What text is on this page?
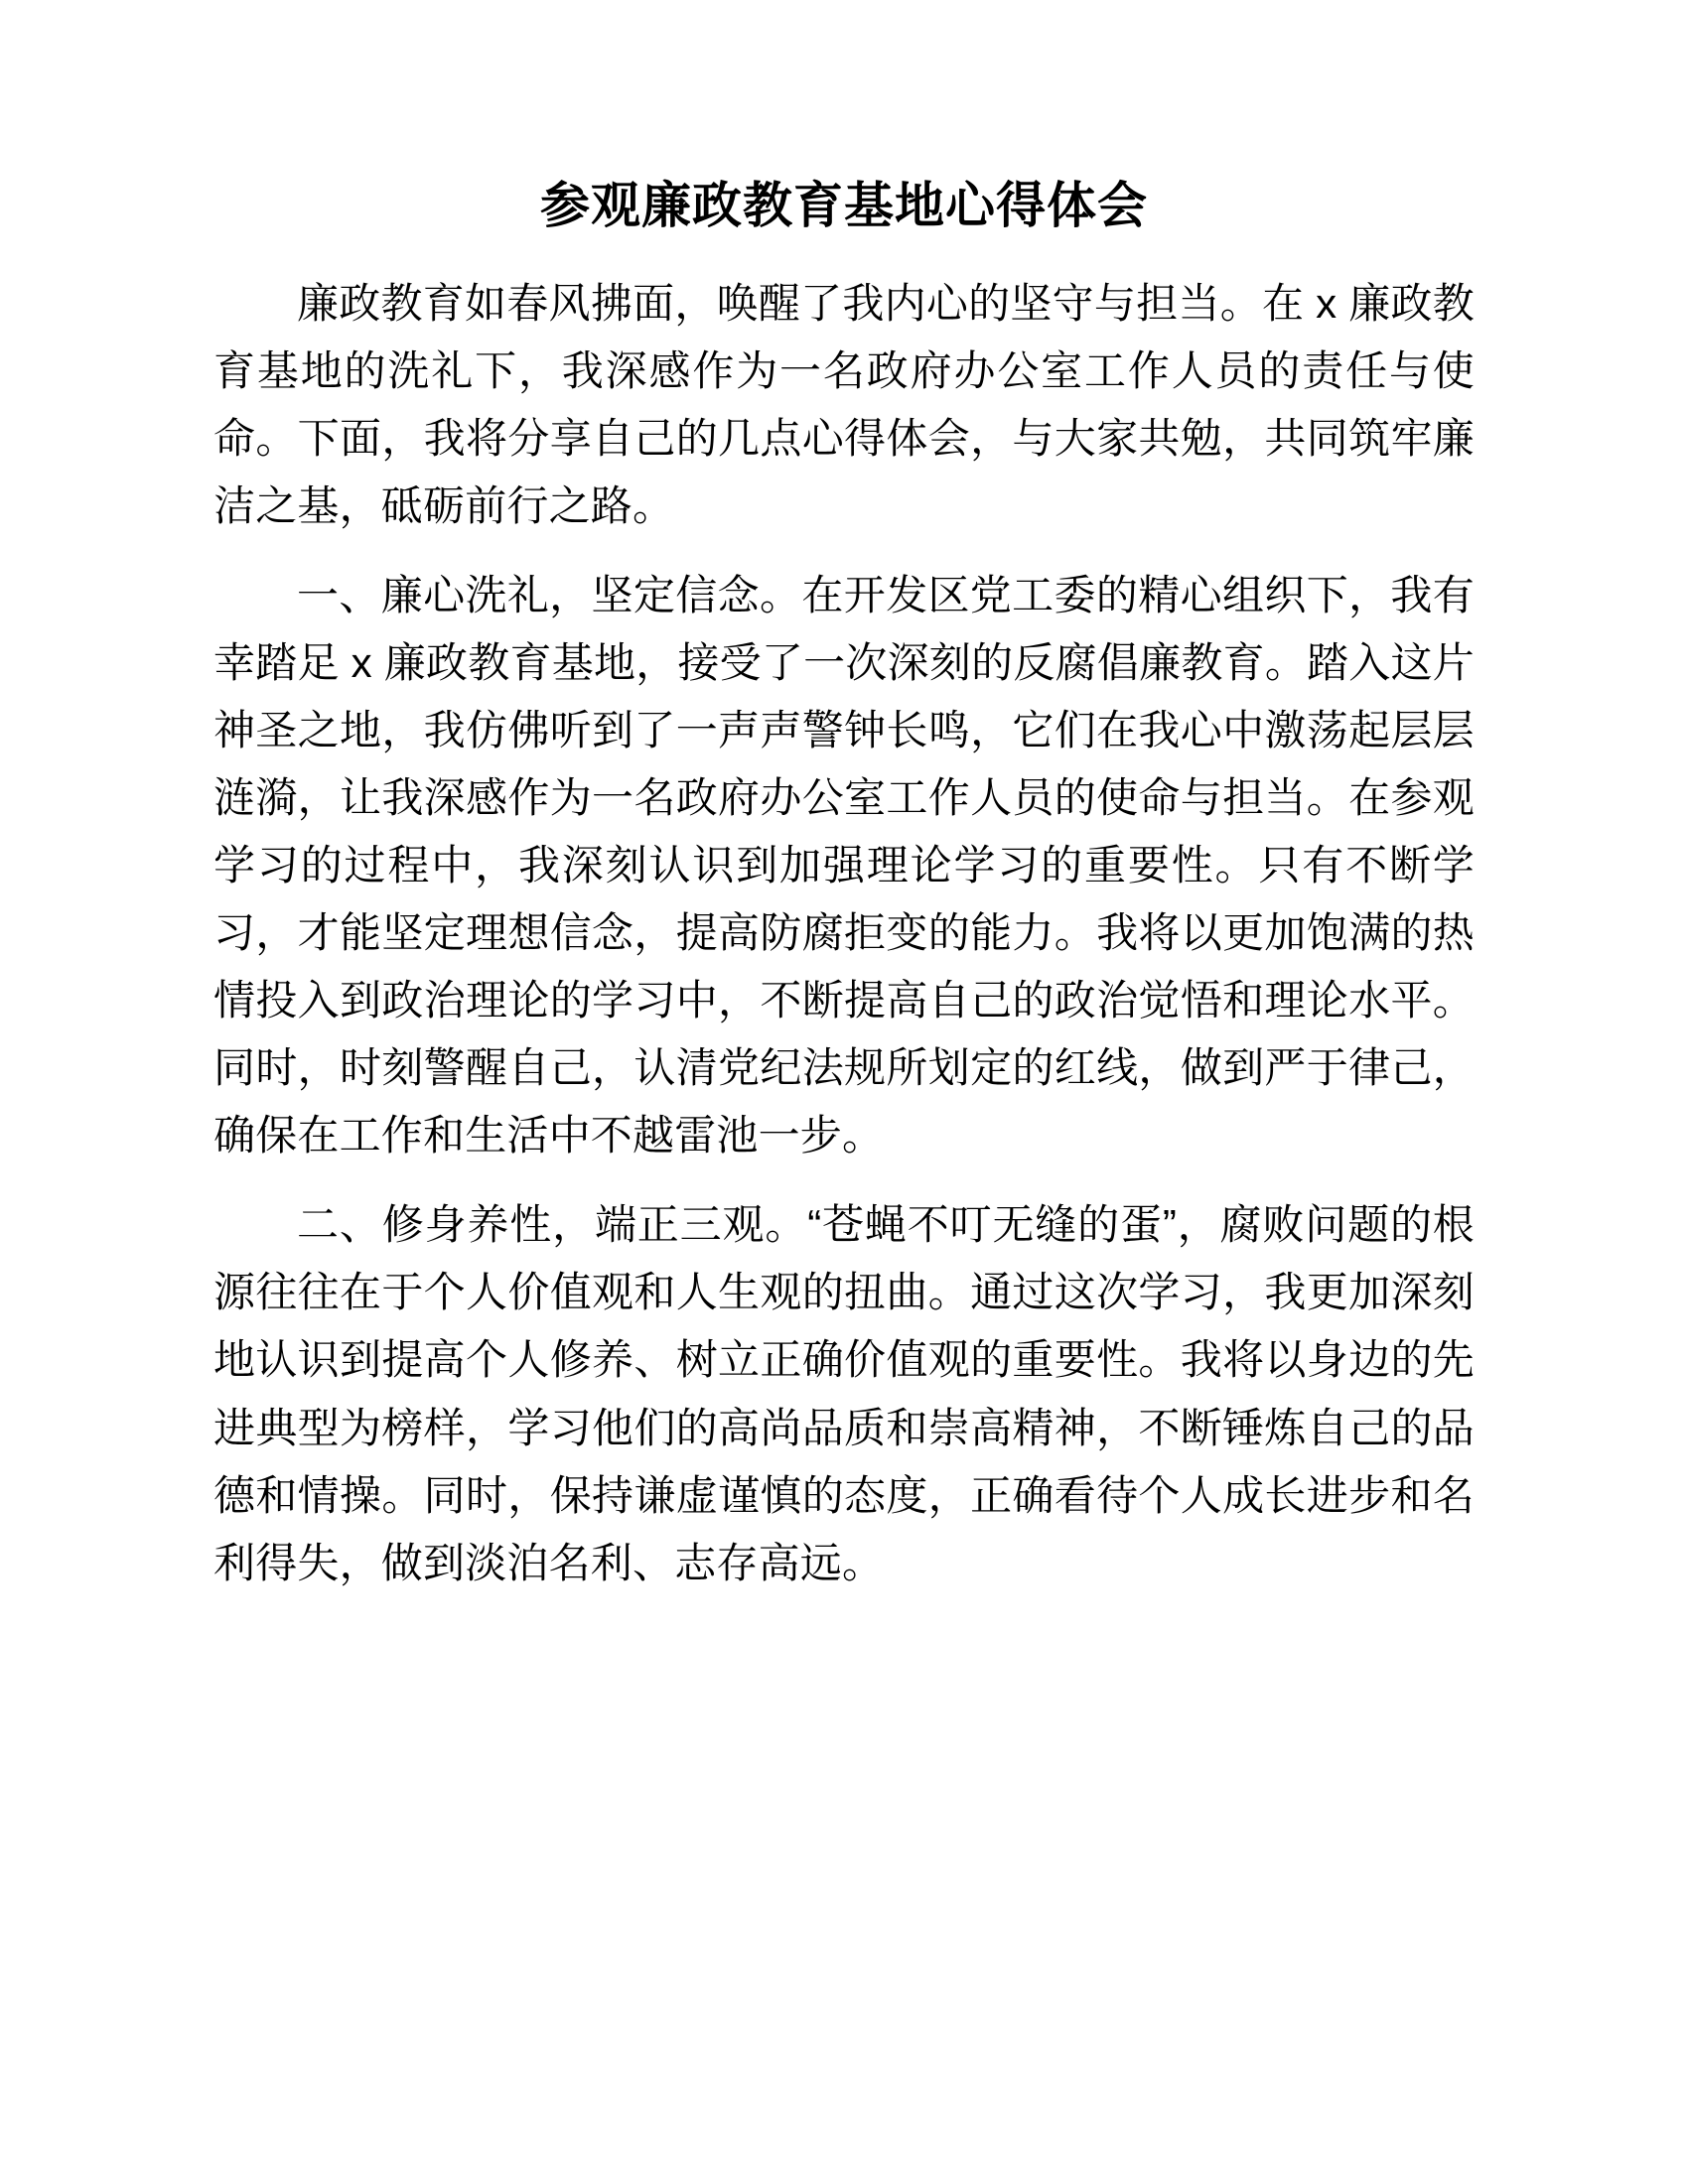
参观廉政教育基地心得体会

廉政教育如春风拂面，唤醒了我内心的坚守与担当。在 x 廉政教育基地的洗礼下，我深感作为一名政府办公室工作人员的责任与使命。下面，我将分享自己的几点心得体会，与大家共勉，共同筑牢廉洁之基，砥砺前行之路。

一、廉心洗礼，坚定信念。在开发区党工委的精心组织下，我有幸踏足 x 廉政教育基地，接受了一次深刻的反腐倡廉教育。踏入这片神圣之地，我仿佛听到了一声声警钟长鸣，它们在我心中激荡起层层涟漪，让我深感作为一名政府办公室工作人员的使命与担当。在参观学习的过程中，我深刻认识到加强理论学习的重要性。只有不断学习，才能坚定理想信念，提高防腐拒变的能力。我将以更加饱满的热情投入到政治理论的学习中，不断提高自己的政治觉悟和理论水平。同时，时刻警醒自己，认清党纪法规所划定的红线，做到严于律己，确保在工作和生活中不越雷池一步。

二、修身养性，端正三观。“苍蝇不叮无缝的蛋”，腐败问题的根源往往在于个人价值观和人生观的扭曲。通过这次学习，我更加深刻地认识到提高个人修养、树立正确价值观的重要性。我将以身边的先进典型为榜样，学习他们的高尚品质和崇高精神，不断锤炼自己的品德和情操。同时，保持谦虚谨慎的态度，正确看待个人成长进步和名利得失，做到淡泊名利、志存高远。
